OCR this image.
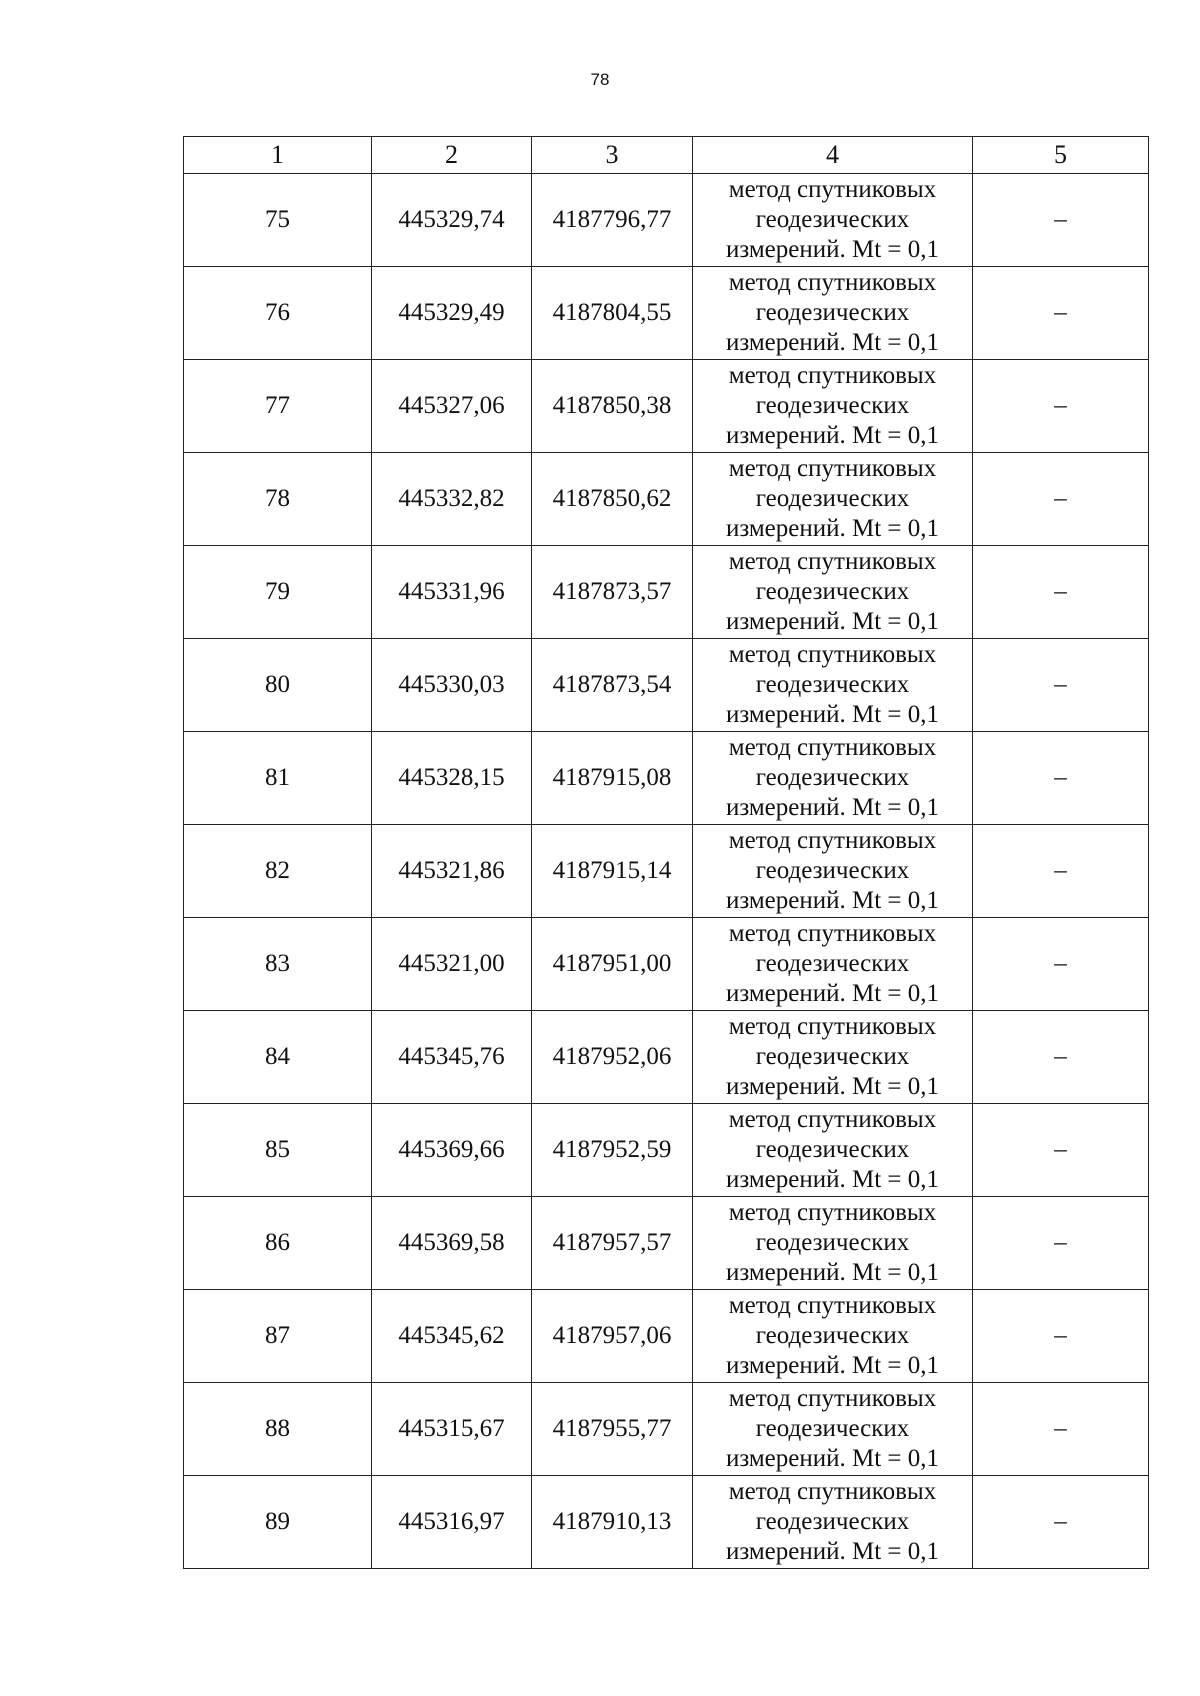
78
1	2	3	4	5
75	445329,74	4187796,77	метод спутниковых
геодезических
измерений. Mt = 0,1	–
76	445329,49	4187804,55	метод спутниковых
геодезических
измерений. Mt = 0,1	–
77	445327,06	4187850,38	метод спутниковых
геодезических
измерений. Mt = 0,1	–
78	445332,82	4187850,62	метод спутниковых
геодезических
измерений. Mt = 0,1	–
79	445331,96	4187873,57	метод спутниковых
геодезических
измерений. Mt = 0,1	–
80	445330,03	4187873,54	метод спутниковых
геодезических
измерений. Mt = 0,1	–
81	445328,15	4187915,08	метод спутниковых
геодезических
измерений. Mt = 0,1	–
82	445321,86	4187915,14	метод спутниковых
геодезических
измерений. Mt = 0,1	–
83	445321,00	4187951,00	метод спутниковых
геодезических
измерений. Mt = 0,1	–
84	445345,76	4187952,06	метод спутниковых
геодезических
измерений. Mt = 0,1	–
85	445369,66	4187952,59	метод спутниковых
геодезических
измерений. Mt = 0,1	–
86	445369,58	4187957,57	метод спутниковых
геодезических
измерений. Mt = 0,1	–
87	445345,62	4187957,06	метод спутниковых
геодезических
измерений. Mt = 0,1	–
88	445315,67	4187955,77	метод спутниковых
геодезических
измерений. Mt = 0,1	–
89	445316,97	4187910,13	метод спутниковых
геодезических
измерений. Mt = 0,1	–
